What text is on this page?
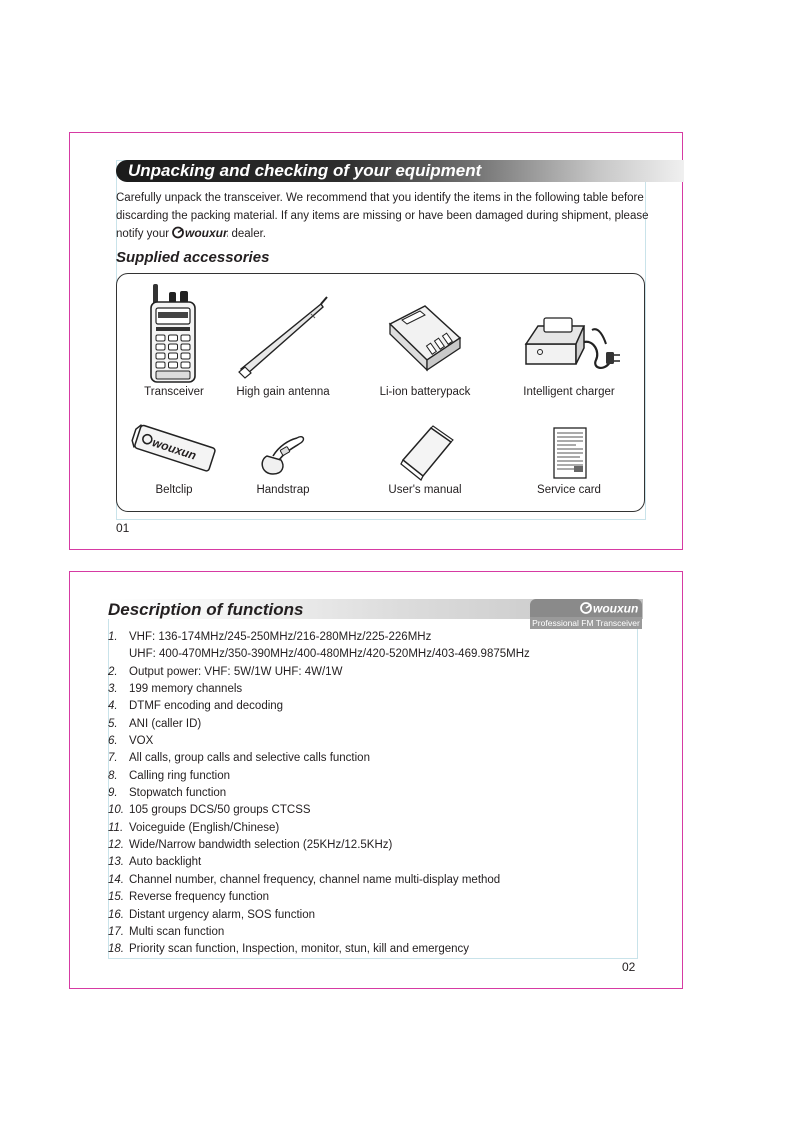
Unpacking and checking of your equipment
Carefully unpack the transceiver. We recommend that you identify the items in the following table before discarding the packing material. If any items are missing or have been damaged during shipment, please notify your wouxun dealer.
Supplied accessories
Transceiver	High gain antenna	Li-ion batterypack	Intelligent charger
wouxun
Beltclip	Handstrap	User's manual	Service card
01
Description of functions	wouxun
Professional FM Transceiver
1. VHF: 136-174MHz/245-250MHz/216-280MHz/225-226MHz
UHF: 400-470MHz/350-390MHz/400-480MHz/420-520MHz/403-469.9875MHz
2. Output power: VHF: 5W/1W UHF: 4W/1W
3. 199 memory channels
4. DTMF encoding and decoding
5. ANI (caller ID)
6. VOX
7. All calls, group calls and selective calls function
8. Calling ring function
9. Stopwatch function
10. 105 groups DCS/50 groups CTCSS
11. Voiceguide (English/Chinese)
12. Wide/Narrow bandwidth selection (25KHz/12.5KHz)
13. Auto backlight
14. Channel number, channel frequency, channel name multi-display method
15. Reverse frequency function
16. Distant urgency alarm, SOS function
17. Multi scan function
18. Priority scan function, Inspection, monitor, stun, kill and emergency
02
